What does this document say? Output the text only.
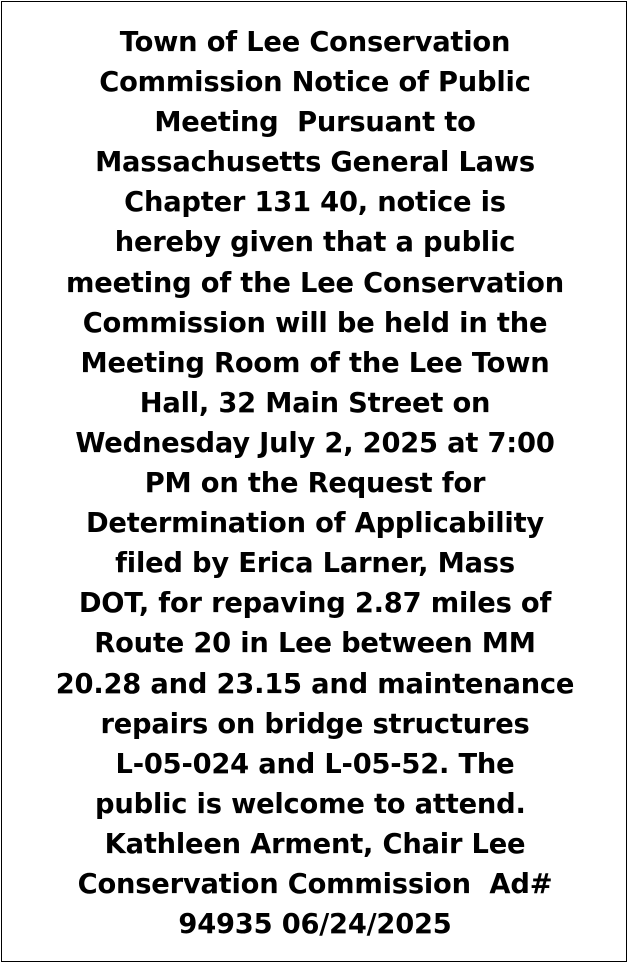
Town of Lee Conservation
Commission Notice of Public
Meeting  Pursuant to
Massachusetts General Laws
Chapter 131 40, notice is
hereby given that a public
meeting of the Lee Conservation
Commission will be held in the
Meeting Room of the Lee Town
Hall, 32 Main Street on
Wednesday July 2, 2025 at 7:00
PM on the Request for
Determination of Applicability
filed by Erica Larner, Mass
DOT, for repaving 2.87 miles of
Route 20 in Lee between MM
20.28 and 23.15 and maintenance
repairs on bridge structures
L-05-024 and L-05-52. The
public is welcome to attend.
Kathleen Arment, Chair Lee
Conservation Commission  Ad#
94935 06/24/2025
